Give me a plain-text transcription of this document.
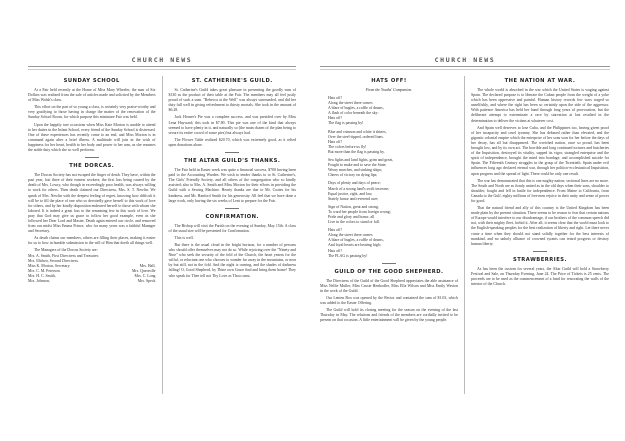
CHURCH NEWS
SUNDAY SCHOOL

At a Fair held recently at the Home of Miss Mary Wheeler, the sum of Six Dollars was realized from the sale of articles made and solicited by the Members of Miss Walsh's class.

This effort on the part of so young a class, is certainly very praise-worthy and very gratifying to those having in charge the matter of the renovation of the Sunday School Room, for which purpose this miniature Fair was held.

Upon the happily rare occasions when Miss Kate Morton is unable to attend to her duties in the Infant School, every friend of the Sunday School is distressed. One of these experiences has recently come to an end, and Miss Morton is in command again after a brief illness. A multitude will join in the wish of happiness for her heart, health to her body and power to her arm, as she resumes the noble duty which she so well performs.

THE DORCAS.

The Dorcas Society has not escaped the finger of death. They have, within the past year, lost three of their earnest workers; the first loss being caused by the death of Mrs. Lowry, who though in exceedingly poor health, was always willing to work for others. Then death claimed our Directress, Mrs. S. T. Newlin. We speak of Mrs. Newlin with the deepest feeling of regret, knowing how difficult it will be to fill the place of one who so devotedly gave herself to this work of love for others, and by her kindly disposition endeared herself to those with whom she labored. It is indeed a great loss to the remaining few in this work of love. We pray that God may give us grace to follow her good example, even as she followed her Dear Lord and Master. Death again entered our circle, and removed from our midst Miss Emma Prince, who for many years was a faithful Manager and Secretary.

As death claims our members, others are filling their places, making it easier for us to bow in humble submission to the will of Him that doeth all things well.

The Managers of the Dorcas Society are:
Mrs. A. Smith, First Directress and Treasurer.
Mrs. Illidwir, Second Directress.
Miss K. Morton, Secretary.	Mrs. Hall,
Mrs. C. M. Peterson.	Mrs. Quereolle
Mrs. H. C. Smith,	Mrs. C. Long
Mrs. Johnson,	Mrs. Speck
ST. CATHERINE'S GUILD.

St. Catherine's Guild takes great pleasure in presenting the goodly sum of $130 as the product of their table at the Fair. The members may all feel justly proud of such a sum. "Rebecca at the Well" was always surrounded, and did her duty full well in giving refreshment to thirsty mortals. She took in the amount of $6.28.

Jack Horner's Pie was a complete success, and was presided over by Miss Lena Hayward; this took in $7.80. This pie was one of the kind that always seemed to have plenty in it, and naturally so (the main charm of the plan being to secure its entire crowd of some pies) but always had.

The Flower Table realized $20.70, which was extremely good, as it relied upon donations alone.

THE ALTAR GUILD'S THANKS.

The Fair held in Easter week was quite a financial success, $700 having been paid to the Accounting Warden. We wish to tender thanks to to St. Catherine's, The Girls' Friendly Society, and all others of the congregation who so kindly assisted; also to Mrs. A. Smith and Miss Morton for their efforts in providing the Guild with a Sewing Machine. Hearty thanks are due to Mr. Coates for his kindness, and Mr. Hanford Smith for his generosity. All feel that we have done a large work, only having the six weeks of Lent to prepare for the Fair.

CONFIRMATION.

The Bishop will visit the Parish on the evening of Sunday, May 15th. A class of the usual size will be presented for Confirmation.

This is well.

But there is the usual cloud in the bright horizon, for a number of persons who should offer themselves may not do so. While rejoicing over the "Ninety and Nine" who seek the security of the fold of the Church, the heart yearns for the wilful, or reluctant one who chooses to wander far away in the mountains, or near by but still, not in the fold. And the night is coming, and the shades of darkness falling! O, Good Shepherd, by Thine own Grace find and bring them home! They who speak for Thee tell not Thy Love as Thou canst.

CHURCH NEWS
HATS OFF!
From the Youths' Companion.
Hats off!
Along the street there comes
A blare of bugles, a ruffle of drums,
A flash of color beneath the sky:
Hats off!
The flag is passing by!
Blue and crimson and white it shines,
Over the steel-tipped, ordered lines.
Hats off!
The colors before us fly!
But more than the flag is passing by.
Sea fights and land fights, grim and great,
Fought to make and to save the State;
Weary marches, and sinking ships;
Cheers of victory on dying lips;
Days of plenty and days of peace;
March of a strong land's swift increase;
Equal justice, right, and law,
Stately honor and reverend awe;
Sign of Nation, great and strong,
To ward her people from foreign wrong;
Pride and glory and honor, all
Live in the colors to stand or fall.
Hats off!
Along the street there comes
A blare of bugles, a ruffle of drums,
And loyal hearts are beating high;
Hats off!
The FLAG is passing by!
GUILD OF THE GOOD SHEPHERD.

The Directress of the Guild of the Good Shepherd appreciates the able assistance of Miss Nellie Muller, Miss Cassie Henbodler, Miss Ella Wilson and Miss Emily Weston in the work of the Guild.

Our Lenten Box was opened by the Rector and contained the sum of $1.03, which was added to the Easter Offering.

The Guild will hold its closing meeting for the season on the evening of the last Thursday in May. The relations and friends of the members are cordially invited to be present on that occasion. A little entertainment will be given by the young people.

THE NATION AT WAR.

The whole world is absorbed in the war which the United States is waging against Spain. The declared purpose is to liberate the Cuban people from the weight of a yoke which has been oppressive and painful. Human history records few wars waged so unselfishly, and where the right has been so certainly upon the side of the aggressor. With patience America has held her hand through long years of provocation, but the deliberate attempt to exterminate a race by starvation at last resulted in the determination to deliver the victims at whatever cost.

And Spain well deserves to lose Cuba, and the Philippines too, having given proof of her incapacity and cruel tyranny. She has debased rather than elevated, and the gigantic colonial empire which the enterprise of her sons won for her before the days of her decay, has all but disappeared. The wretched nation, once so proud, has been brought low, and by its own act. The horrible and long continued tortures and butcheries of the Inquisition, destroyed its vitality, sapped its vigor, strangled enterprise and the spirit of independence, brought the mind into bondage, and accomplished suicide for Spain. The Fifteenth Century struggles in the grasp of the Twentieth. Spain under evil influences long ago declared eternal war, through her politico-ecclesiastical Inquisition, upon progress and the spread of light. There could be only one result.

The war has demonstrated that this is one mighty nation; sectional lines are no more. The South and North are as firmly united as in the old days when their sons, shoulder to shoulder, fought and fell in battle for independence. From Maine to California, from Canada to the Gulf, eighty millions of free men rejoice in their unity and sense of power for good.

That the natural friend and ally of this country is the United Kingdom has been made plain by the present situation. There seems to be reason to fear that certain nations of Europe would interfere to our disadvantage, if our brothers of the common speech did not, with their mighty fleet, forbid it. After all, it seems clear that the world must look to the English-speaking peoples for the best realization of liberty and right. Let there never come a time when they should not stand solidly together for the best interests of mankind, and no unholy alliance of crowned tyrants can retard progress or destroy human liberty.

STRAWBERRIES.

As has been the custom for several years, the Altar Guild will hold a Strawberry Festival and Sale, on Thursday Evening, June 24. The Price of Tickets is 25 cents. The proceeds are to be used as the commencement of a fund for renovating the walls of the interior of the Church.
